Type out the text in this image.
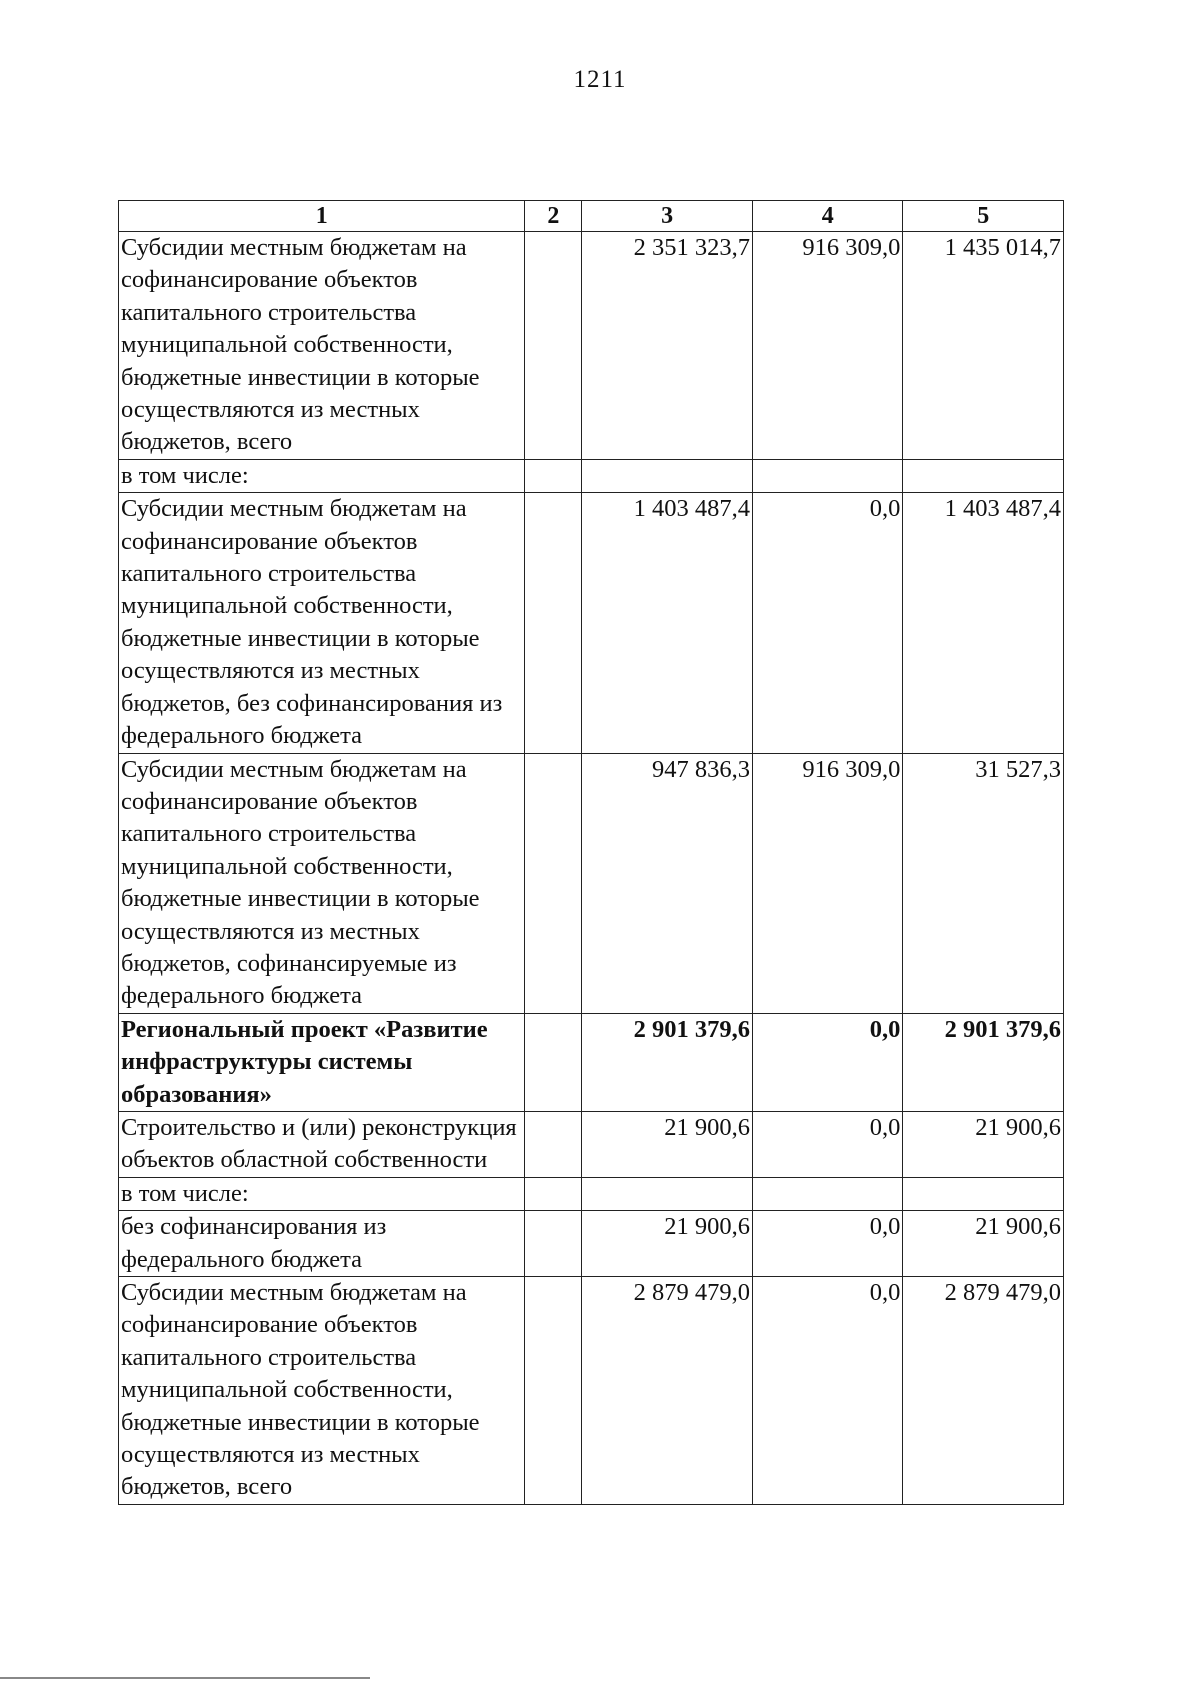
1211
1	2	3	4	5
Субсидии местным бюджетам на софинансирование объектов капитального строительства муниципальной собственности, бюджетные инвестиции в которые осуществляются из местных бюджетов, всего		2 351 323,7	916 309,0	1 435 014,7
в том числе:				
Субсидии местным бюджетам на софинансирование объектов капитального строительства муниципальной собственности, бюджетные инвестиции в которые осуществляются из местных бюджетов, без софинансирования из федерального бюджета		1 403 487,4	0,0	1 403 487,4
Субсидии местным бюджетам на софинансирование объектов капитального строительства муниципальной собственности, бюджетные инвестиции в которые осуществляются из местных бюджетов, софинансируемые из федерального бюджета		947 836,3	916 309,0	31 527,3
Региональный проект «Развитие инфраструктуры системы образования»		2 901 379,6	0,0	2 901 379,6
Строительство и (или) реконструкция объектов областной собственности		21 900,6	0,0	21 900,6
в том числе:				
без софинансирования из федерального бюджета		21 900,6	0,0	21 900,6
Субсидии местным бюджетам на софинансирование объектов капитального строительства муниципальной собственности, бюджетные инвестиции в которые осуществляются из местных бюджетов, всего		2 879 479,0	0,0	2 879 479,0
